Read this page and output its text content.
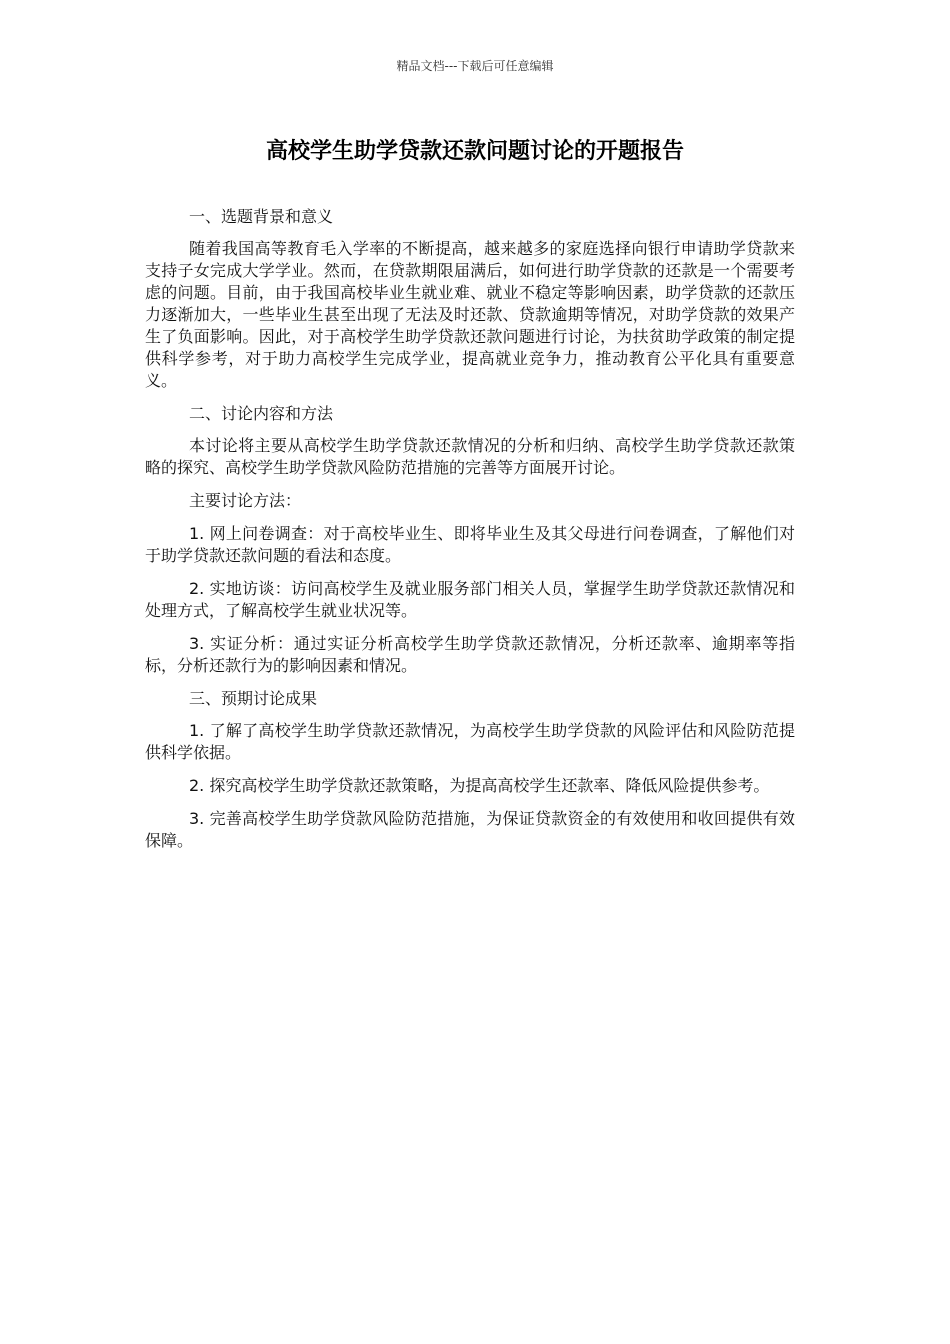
精品文档---下载后可任意编辑
高校学生助学贷款还款问题讨论的开题报告

一、选题背景和意义

随着我国高等教育毛入学率的不断提高，越来越多的家庭选择向银行申请助学贷款来支持子女完成大学学业。然而，在贷款期限届满后，如何进行助学贷款的还款是一个需要考虑的问题。目前，由于我国高校毕业生就业难、就业不稳定等影响因素，助学贷款的还款压力逐渐加大，一些毕业生甚至出现了无法及时还款、贷款逾期等情况，对助学贷款的效果产生了负面影响。因此，对于高校学生助学贷款还款问题进行讨论，为扶贫助学政策的制定提供科学参考，对于助力高校学生完成学业，提高就业竞争力，推动教育公平化具有重要意义。

二、讨论内容和方法

本讨论将主要从高校学生助学贷款还款情况的分析和归纳、高校学生助学贷款还款策略的探究、高校学生助学贷款风险防范措施的完善等方面展开讨论。

主要讨论方法：

1. 网上问卷调查：对于高校毕业生、即将毕业生及其父母进行问卷调查，了解他们对于助学贷款还款问题的看法和态度。

2. 实地访谈：访问高校学生及就业服务部门相关人员，掌握学生助学贷款还款情况和处理方式，了解高校学生就业状况等。

3. 实证分析：通过实证分析高校学生助学贷款还款情况，分析还款率、逾期率等指标，分析还款行为的影响因素和情况。

三、预期讨论成果

1. 了解了高校学生助学贷款还款情况，为高校学生助学贷款的风险评估和风险防范提供科学依据。

2. 探究高校学生助学贷款还款策略，为提高高校学生还款率、降低风险提供参考。

3. 完善高校学生助学贷款风险防范措施，为保证贷款资金的有效使用和收回提供有效保障。
